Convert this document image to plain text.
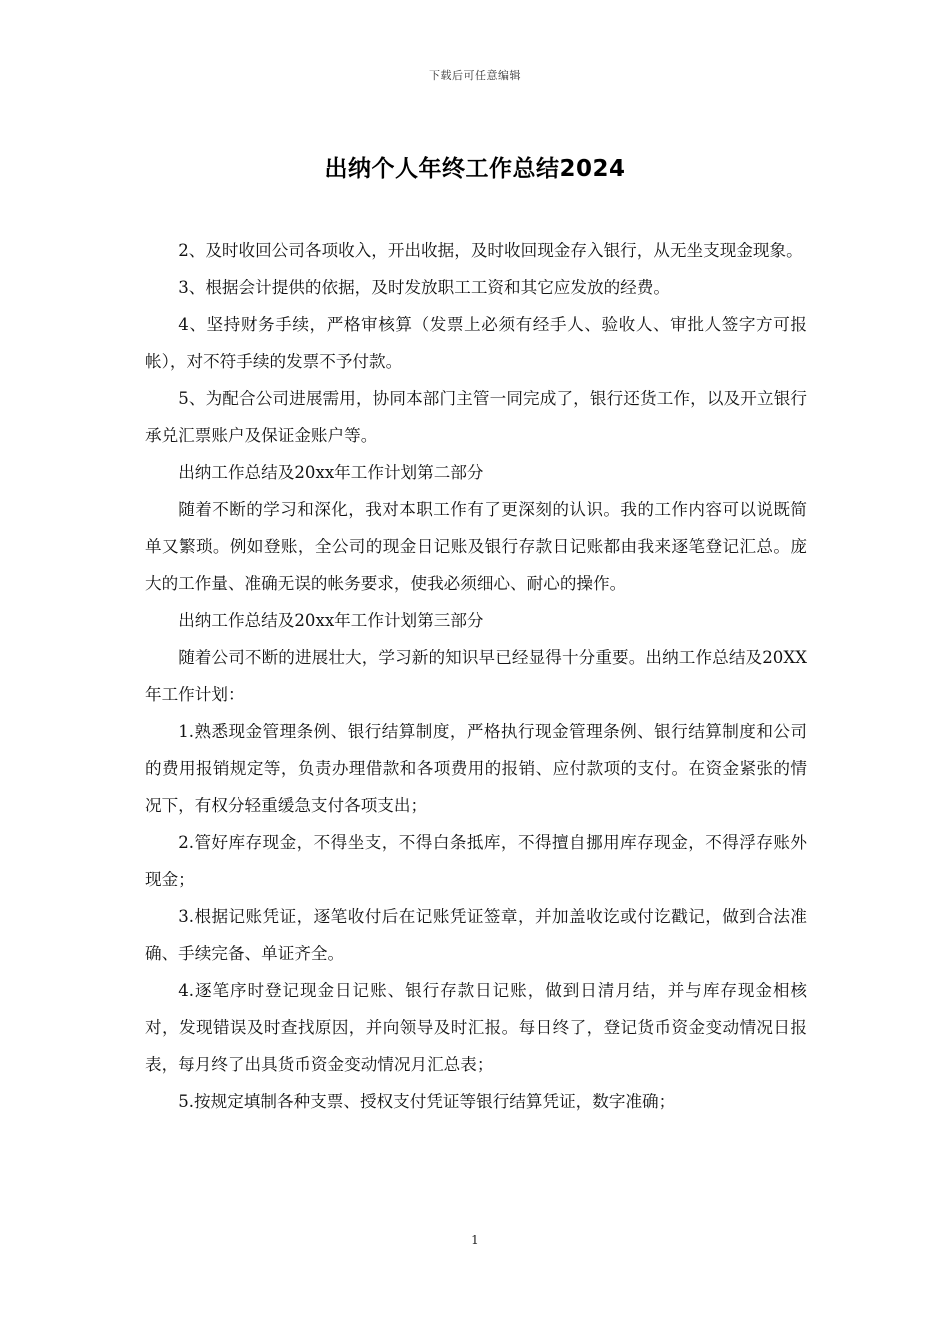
下载后可任意编辑
出纳个人年终工作总结2024

2、及时收回公司各项收入，开出收据，及时收回现金存入银行，从无坐支现金现象。

3、根据会计提供的依据，及时发放职工工资和其它应发放的经费。

4、坚持财务手续，严格审核算（发票上必须有经手人、验收人、审批人签字方可报帐），对不符手续的发票不予付款。

5、为配合公司进展需用，协同本部门主管一同完成了，银行还货工作，以及开立银行承兑汇票账户及保证金账户等。

出纳工作总结及20xx年工作计划第二部分

随着不断的学习和深化，我对本职工作有了更深刻的认识。我的工作内容可以说既简单又繁琐。例如登账，全公司的现金日记账及银行存款日记账都由我来逐笔登记汇总。庞大的工作量、准确无误的帐务要求，使我必须细心、耐心的操作。

出纳工作总结及20xx年工作计划第三部分

随着公司不断的进展壮大，学习新的知识早已经显得十分重要。出纳工作总结及20XX年工作计划：

1.熟悉现金管理条例、银行结算制度，严格执行现金管理条例、银行结算制度和公司的费用报销规定等，负责办理借款和各项费用的报销、应付款项的支付。在资金紧张的情况下，有权分轻重缓急支付各项支出；

2.管好库存现金，不得坐支，不得白条抵库，不得擅自挪用库存现金，不得浮存账外现金；

3.根据记账凭证，逐笔收付后在记账凭证签章，并加盖收讫或付讫戳记，做到合法准确、手续完备、单证齐全。

4.逐笔序时登记现金日记账、银行存款日记账，做到日清月结，并与库存现金相核对，发现错误及时查找原因，并向领导及时汇报。每日终了，登记货币资金变动情况日报表，每月终了出具货币资金变动情况月汇总表；

5.按规定填制各种支票、授权支付凭证等银行结算凭证，数字准确；

1
